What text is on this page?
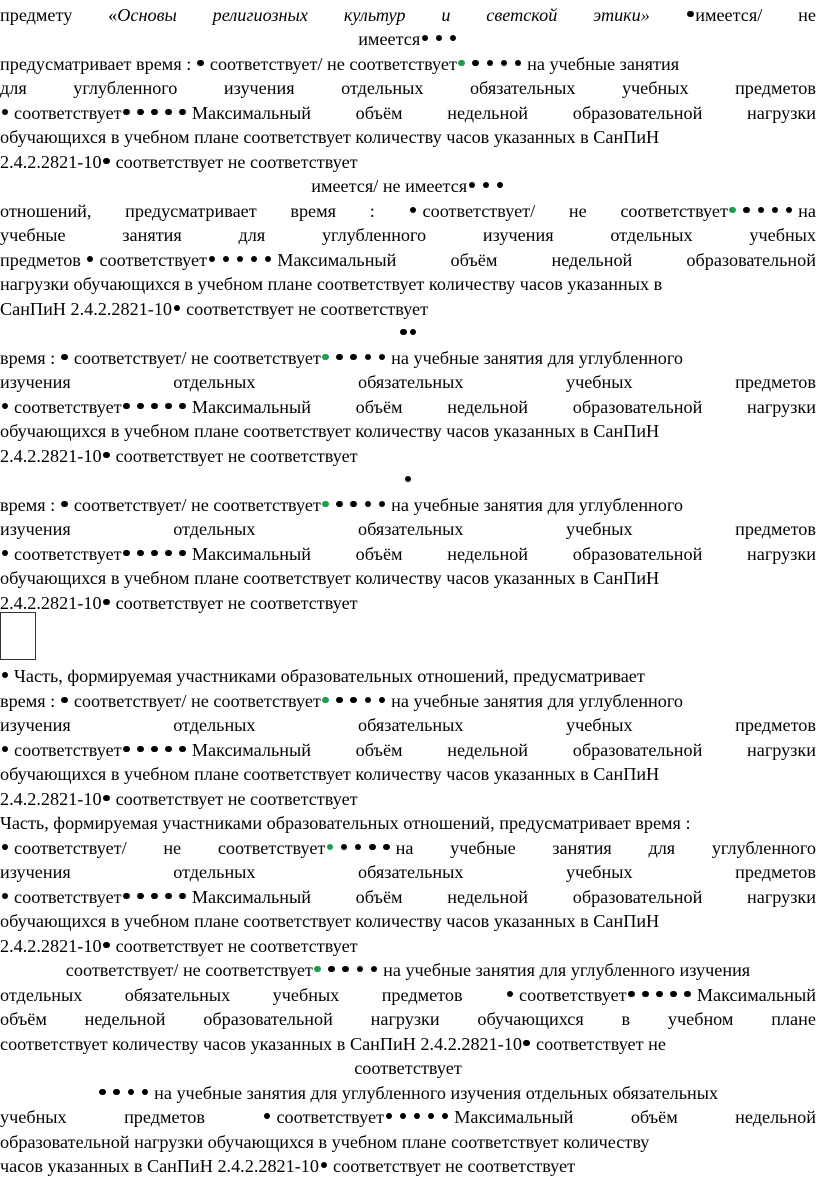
предмету «Основы религиозных культур и светской этики»	имеется/ не
имеется
предусматривает время : соответствует/ не соответствует	на учебные занятия
для	углубленного	изучения	отдельных	обязательных	учебных	предметов
соответствует	Максимальный объём недельной образовательной нагрузки
обучающихся в учебном плане соответствует количеству часов указанных в СанПиН
2.4.2.2821-10 соответствует не соответствует
имеется/ не имеется
отношений, предусматривает время :	соответствует/ не соответствует	на
учебные	занятия	для	углубленного	изучения	отдельных	учебных
предметов соответствует	Максимальный	объём	недельной	образовательной
нагрузки обучающихся в учебном плане соответствует количеству часов указанных в
СанПиН 2.4.2.2821-10 соответствует не соответствует
время : соответствует/ не соответствует	на учебные занятия для углубленного
изучения	отдельных	обязательных	учебных	предметов
соответствует	Максимальный объём недельной образовательной нагрузки
обучающихся в учебном плане соответствует количеству часов указанных в СанПиН
2.4.2.2821-10 соответствует не соответствует
время : соответствует/ не соответствует	на учебные занятия для углубленного
изучения	отдельных	обязательных	учебных	предметов
соответствует	Максимальный объём недельной образовательной нагрузки
обучающихся в учебном плане соответствует количеству часов указанных в СанПиН
2.4.2.2821-10 соответствует не соответствует
Часть, формируемая участниками образовательных отношений, предусматривает
время : соответствует/ не соответствует	на учебные занятия для углубленного
изучения	отдельных	обязательных	учебных	предметов
соответствует	Максимальный объём недельной образовательной нагрузки
обучающихся в учебном плане соответствует количеству часов указанных в СанПиН
2.4.2.2821-10 соответствует не соответствует
Часть, формируемая участниками образовательных отношений, предусматривает время :
соответствует/ не соответствует	на учебные занятия для углубленного
изучения	отдельных	обязательных	учебных	предметов
соответствует	Максимальный объём недельной образовательной нагрузки
обучающихся в учебном плане соответствует количеству часов указанных в СанПиН
2.4.2.2821-10 соответствует не соответствует
соответствует/ не соответствует	на учебные занятия для углубленного изучения
отдельных обязательных учебных предметов	соответствует	Максимальный
объём недельной образовательной нагрузки обучающихся в учебном плане
соответствует количеству часов указанных в СанПиН 2.4.2.2821-10 соответствует не
соответствует
на учебные занятия для углубленного изучения отдельных обязательных
учебных	предметов	соответствует	Максимальный	объём	недельной
образовательной нагрузки обучающихся в учебном плане соответствует количеству
часов указанных в СанПиН 2.4.2.2821-10 соответствует не соответствует
